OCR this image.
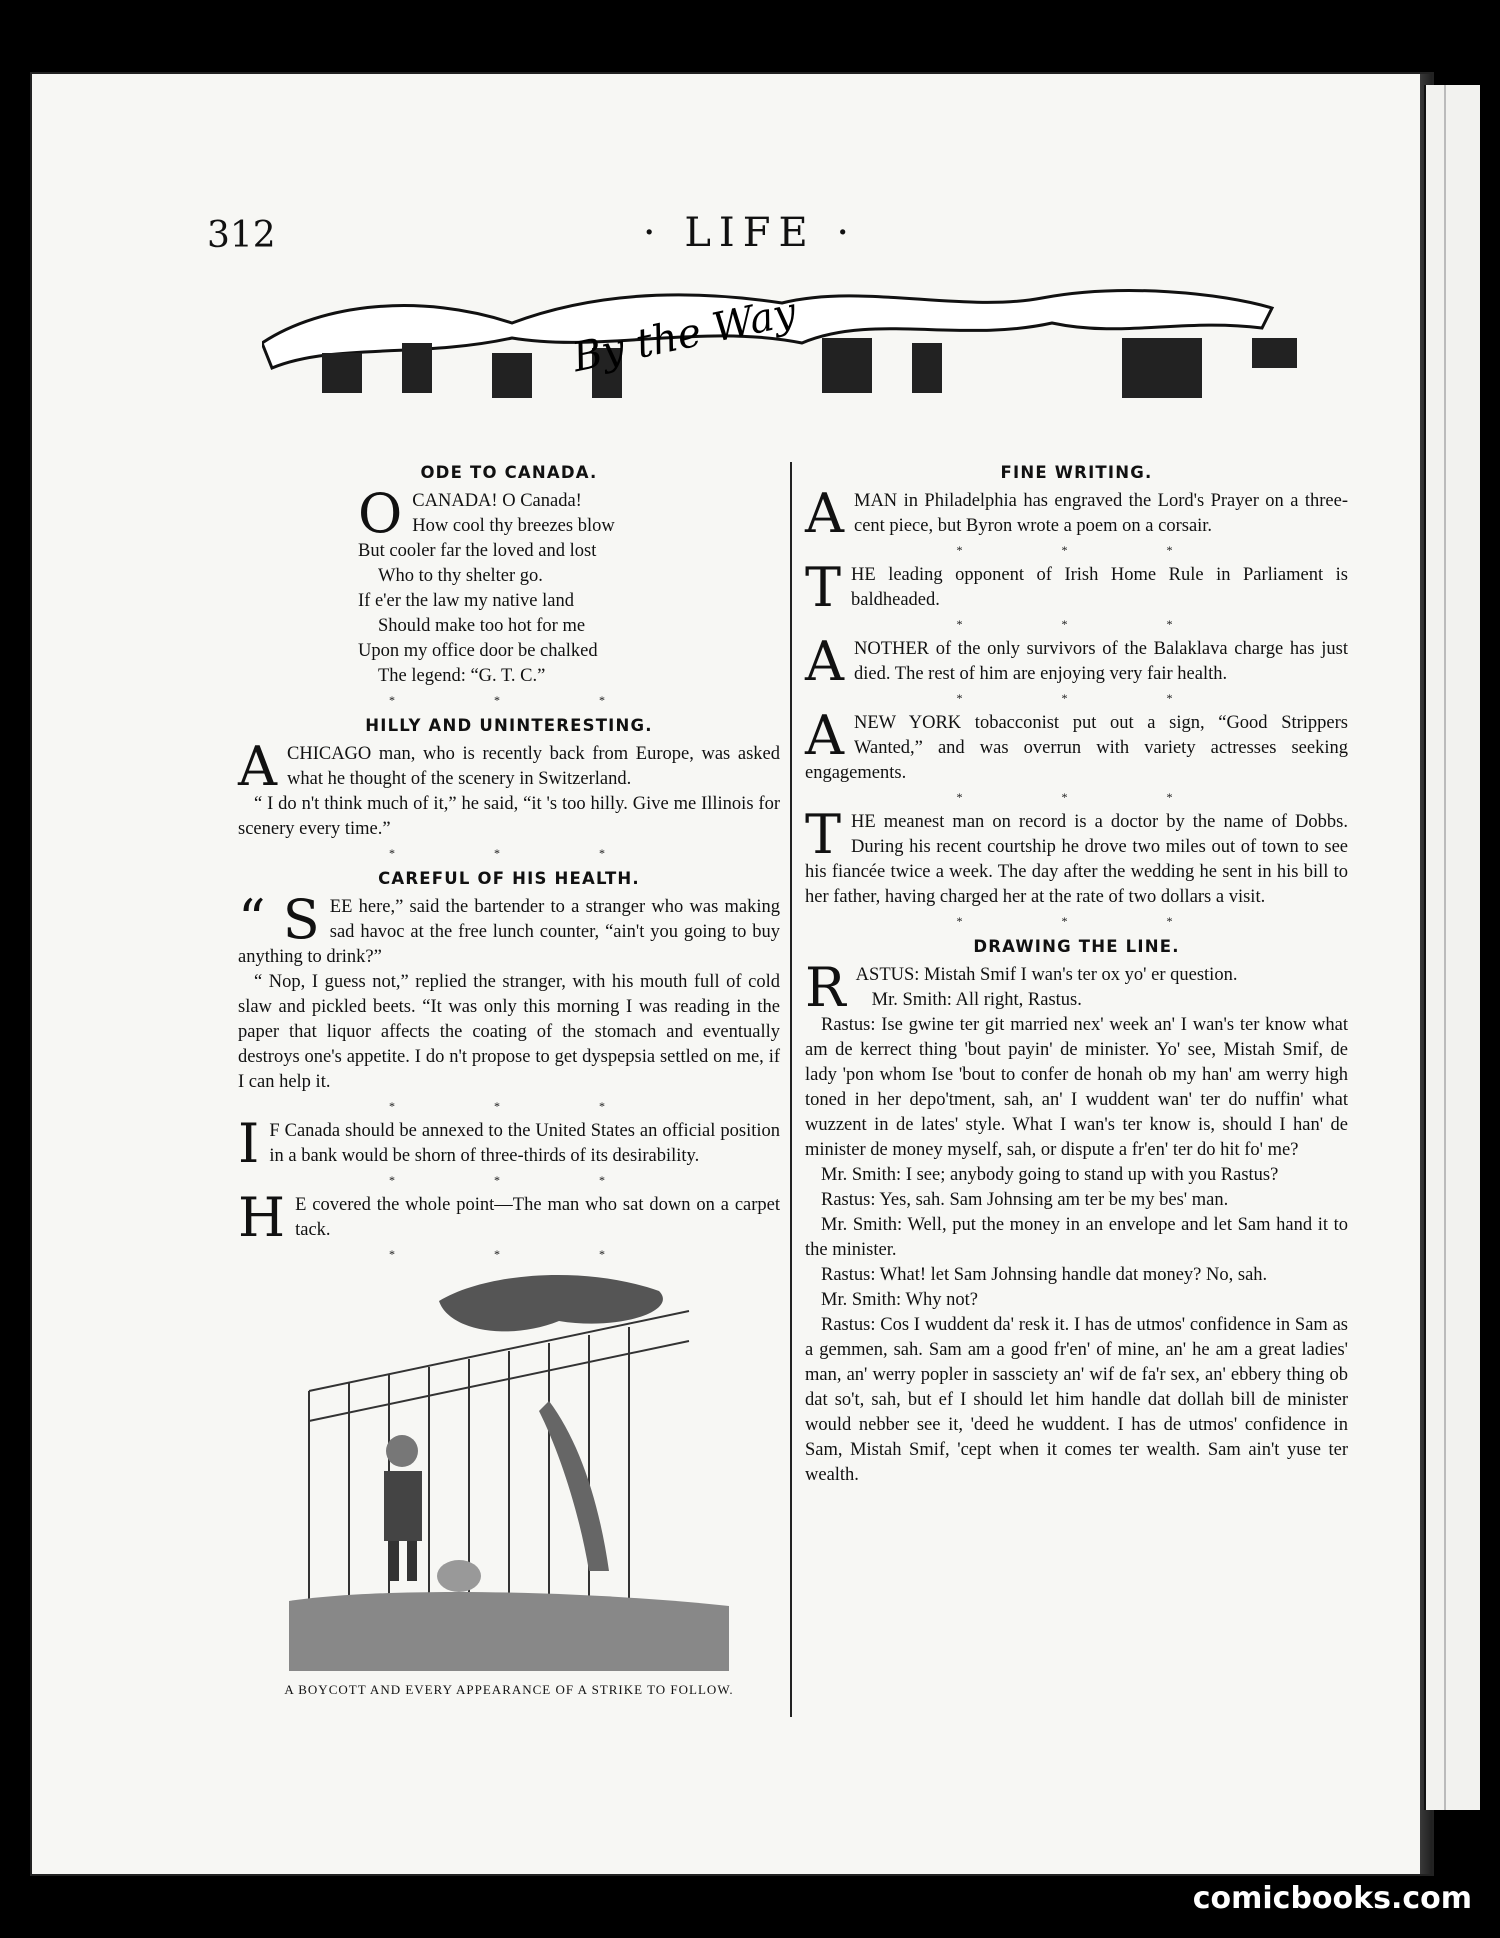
312	· LIFE ·
By the Way
ODE TO CANADA.
O CANADA! O Canada!

How cool thy breezes blow

But cooler far the loved and lost

Who to thy shelter go.

If e'er the law my native land

Should make too hot for me

Upon my office door be chalked

The legend: “G. T. C.”

* * *
HILLY AND UNINTERESTING.
A CHICAGO man, who is recently back from Europe, was asked what he thought of the scenery in Switzerland.

“ I do n't think much of it,” he said, “it 's too hilly. Give me Illinois for scenery every time.”

* * *
CAREFUL OF HIS HEALTH.
“ S EE here,” said the bartender to a stranger who was making sad havoc at the free lunch counter, “ain't you going to buy anything to drink?”

“ Nop, I guess not,” replied the stranger, with his mouth full of cold slaw and pickled beets. “It was only this morning I was reading in the paper that liquor affects the coating of the stomach and eventually destroys one's appetite. I do n't propose to get dyspepsia settled on me, if I can help it.

* * *
I F Canada should be annexed to the United States an official position in a bank would be shorn of three-thirds of its desirability.

* * *
H E covered the whole point—The man who sat down on a carpet tack.

* * *
A BOYCOTT AND EVERY APPEARANCE OF A STRIKE TO FOLLOW.
FINE WRITING.
A MAN in Philadelphia has engraved the Lord's Prayer on a three-cent piece, but Byron wrote a poem on a corsair.

* * *
T HE leading opponent of Irish Home Rule in Parliament is baldheaded.

* * *
A NOTHER of the only survivors of the Balaklava charge has just died. The rest of him are enjoying very fair health.

* * *
A NEW YORK tobacconist put out a sign, “Good Strippers Wanted,” and was overrun with variety actresses seeking engagements.

* * *
T HE meanest man on record is a doctor by the name of Dobbs. During his recent courtship he drove two miles out of town to see his fiancée twice a week. The day after the wedding he sent in his bill to her father, having charged her at the rate of two dollars a visit.

* * *
DRAWING THE LINE.
R ASTUS: Mistah Smif I wan's ter ox yo' er question.

Mr. Smith: All right, Rastus.

Rastus: Ise gwine ter git married nex' week an' I wan's ter know what am de kerrect thing 'bout payin' de minister. Yo' see, Mistah Smif, de lady 'pon whom Ise 'bout to confer de honah ob my han' am werry high toned in her depo'tment, sah, an' I wuddent wan' ter do nuffin' what wuzzent in de lates' style. What I wan's ter know is, should I han' de minister de money myself, sah, or dispute a fr'en' ter do hit fo' me?

Mr. Smith: I see; anybody going to stand up with you Rastus?

Rastus: Yes, sah. Sam Johnsing am ter be my bes' man.

Mr. Smith: Well, put the money in an envelope and let Sam hand it to the minister.

Rastus: What! let Sam Johnsing handle dat money? No, sah.

Mr. Smith: Why not?

Rastus: Cos I wuddent da' resk it. I has de utmos' confidence in Sam as a gemmen, sah. Sam am a good fr'en' of mine, an' he am a great ladies' man, an' werry popler in sassciety an' wif de fa'r sex, an' ebbery thing ob dat so't, sah, but ef I should let him handle dat dollah bill de minister would nebber see it, 'deed he wuddent. I has de utmos' confidence in Sam, Mistah Smif, 'cept when it comes ter wealth. Sam ain't yuse ter wealth.

comicbooks.com
